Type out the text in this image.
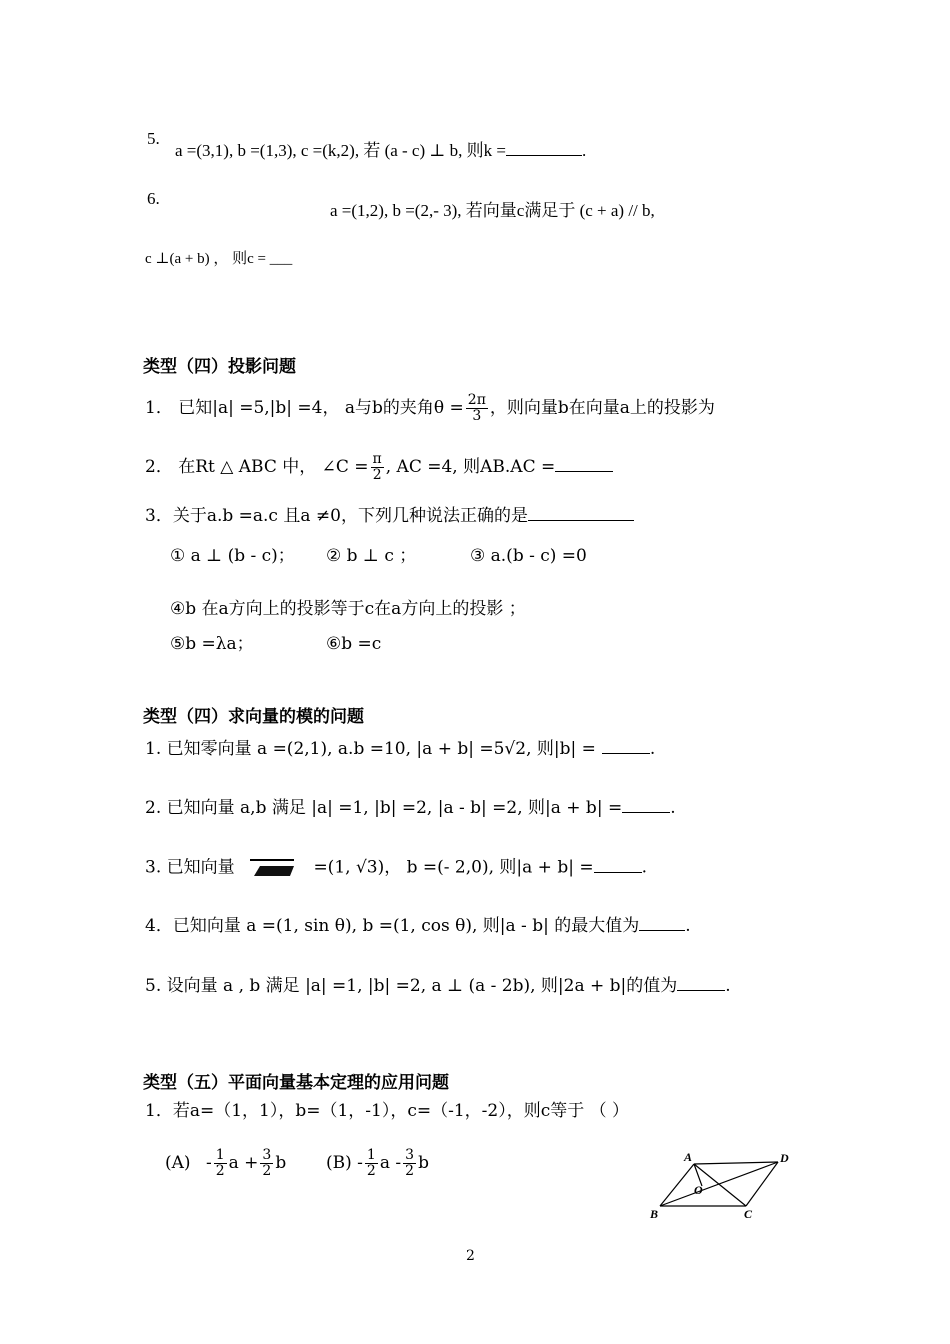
5.
a =(3,1), b =(1,3), c =(k,2), 若 (a - c) ⊥ b, 则k =	.
6.
a =(1,2), b =(2,- 3), 若向量c满足于 (c + a) // b,
c ⊥(a + b) ， 则c = ___
类型（四）投影问题
1． 已知|a| =5,|b| =4， a与b的夹角$\theta = \frac{2\pi}{3}$ ，则向量b在向量a上的投影为
2． 在Rt △ ABC 中， ∠C = $\frac{\pi}{2}$ , AC =4, 则AB.AC =
3．关于a.b =a.c 且a ≠0，下列几种说法正确的是
① a ⊥ (b - c)； ② b ⊥ c ；	③ a.(b - c) =0
④b 在a方向上的投影等于c在a方向上的投影 ；
⑤b =λa；	⑥b =c
类型（四）求向量的模的问题
1. 已知零向量 a =(2,1), a.b =10, |a + b| =5√2, 则|b| =	.
2. 已知向量 a,b 满足 |a| =1, |b| =2, |a - b| =2, 则|a + b| =	.
3. 已知向量	=(1, √3)， b =(- 2,0), 则|a + b| =	.
4．已知向量 a =(1, sin θ), b =(1, cos θ), 则|a - b| 的最大值为	.
5. 设向量 a , b 满足 |a| =1, |b| =2, a ⊥ (a - 2b), 则|2a + b|的值为	.
类型（五）平面向量基本定理的应用问题
1．若a=（1，1），b=（1，-1），c=（-1，-2），则c等于 （ ）
$(A) - \frac{1}{2}$ $a + \frac{3}{2}$ b $(B) - \frac{1}{2}$ a - $\frac{3}{2}$ b	A	D
O
B	C
2
